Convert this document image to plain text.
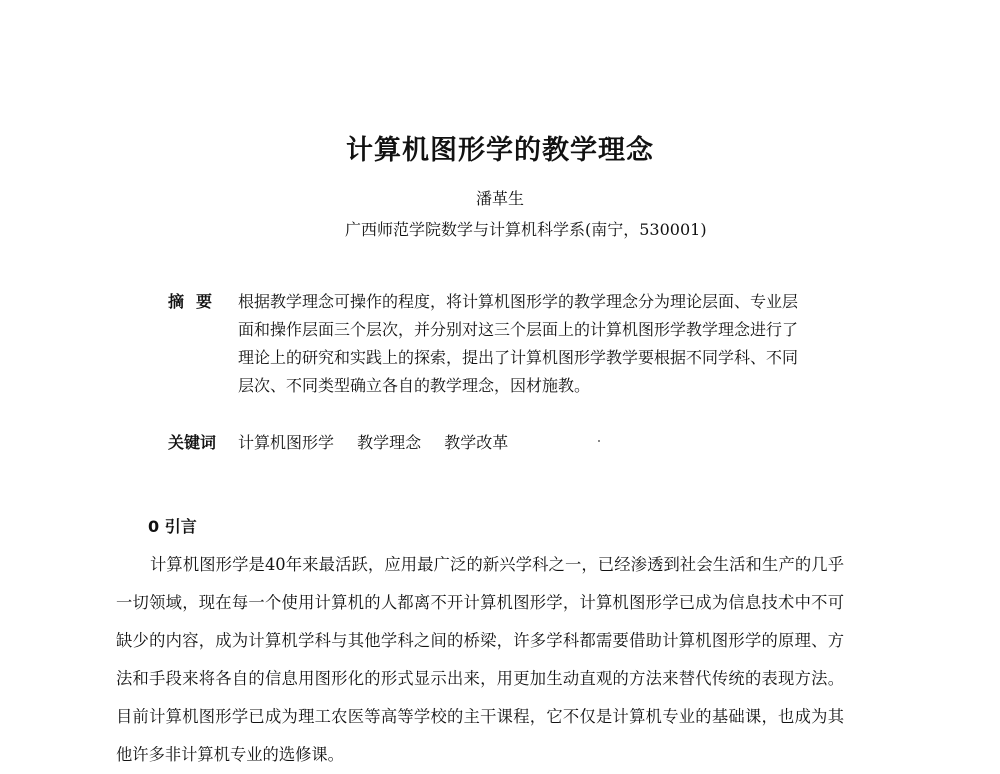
计算机图形学的教学理念
潘革生
广西师范学院数学与计算机科学系(南宁，530001)
摘要 根据教学理念可操作的程度，将计算机图形学的教学理念分为理论层面、专业层面和操作层面三个层次，并分别对这三个层面上的计算机图形学教学理念进行了理论上的研究和实践上的探索，提出了计算机图形学教学要根据不同学科、不同层次、不同类型确立各自的教学理念，因材施教。
关键词 计算机图形学 教学理念 教学改革
0 引言
计算机图形学是40年来最活跃，应用最广泛的新兴学科之一，已经渗透到社会生活和生产的几乎一切领域，现在每一个使用计算机的人都离不开计算机图形学，计算机图形学已成为信息技术中不可缺少的内容，成为计算机学科与其他学科之间的桥梁，许多学科都需要借助计算机图形学的原理、方法和手段来将各自的信息用图形化的形式显示出来，用更加生动直观的方法来替代传统的表现方法。目前计算机图形学已成为理工农医等高等学校的主干课程，它不仅是计算机专业的基础课，也成为其他许多非计算机专业的选修课。
